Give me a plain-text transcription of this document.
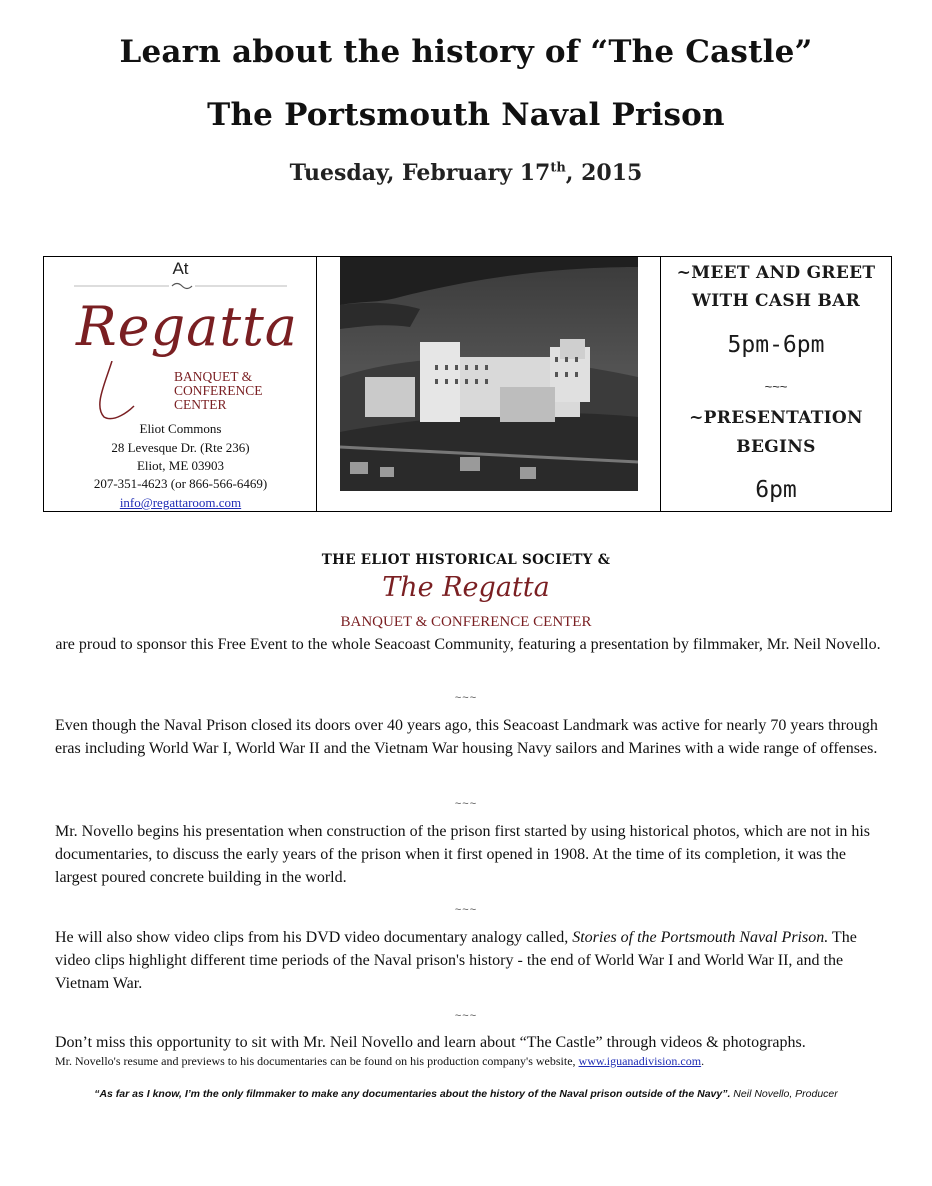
Learn about the history of “The Castle”
The Portsmouth Naval Prison
Tuesday, February 17th, 2015
At
Regatta
BANQUET &
CONFERENCE
CENTER
Eliot Commons
28 Levesque Dr. (Rte 236)
Eliot, ME 03903
207-351-4623 (or 866-566-6469)
info@regattaroom.com
~MEET AND GREET
WITH CASH BAR
5pm-6pm
~~~
~PRESENTATION
BEGINS
6pm
THE ELIOT HISTORICAL SOCIETY &
The Regatta
BANQUET & CONFERENCE CENTER
are proud to sponsor this Free Event to the whole Seacoast Community, featuring a presentation by filmmaker, Mr. Neil Novello.
~~~
Even though the Naval Prison closed its doors over 40 years ago, this Seacoast Landmark was active for nearly 70 years through eras including World War I, World War II and the Vietnam War housing Navy sailors and Marines with a wide range of offenses.
~~~
Mr. Novello begins his presentation when construction of the prison first started by using historical photos, which are not in his documentaries, to discuss the early years of the prison when it first opened in 1908. At the time of its completion, it was the largest poured concrete building in the world.
~~~
He will also show video clips from his DVD video documentary analogy called, Stories of the Portsmouth Naval Prison. The video clips highlight different time periods of the Naval prison's history - the end of World War I and World War II, and the Vietnam War.
~~~
Don’t miss this opportunity to sit with Mr. Neil Novello and learn about “The Castle” through videos & photographs.
Mr. Novello's resume and previews to his documentaries can be found on his production company's website, www.iguanadivision.com.
“As far as I know, I’m the only filmmaker to make any documentaries about the history of the Naval prison outside of the Navy”. Neil Novello, Producer
